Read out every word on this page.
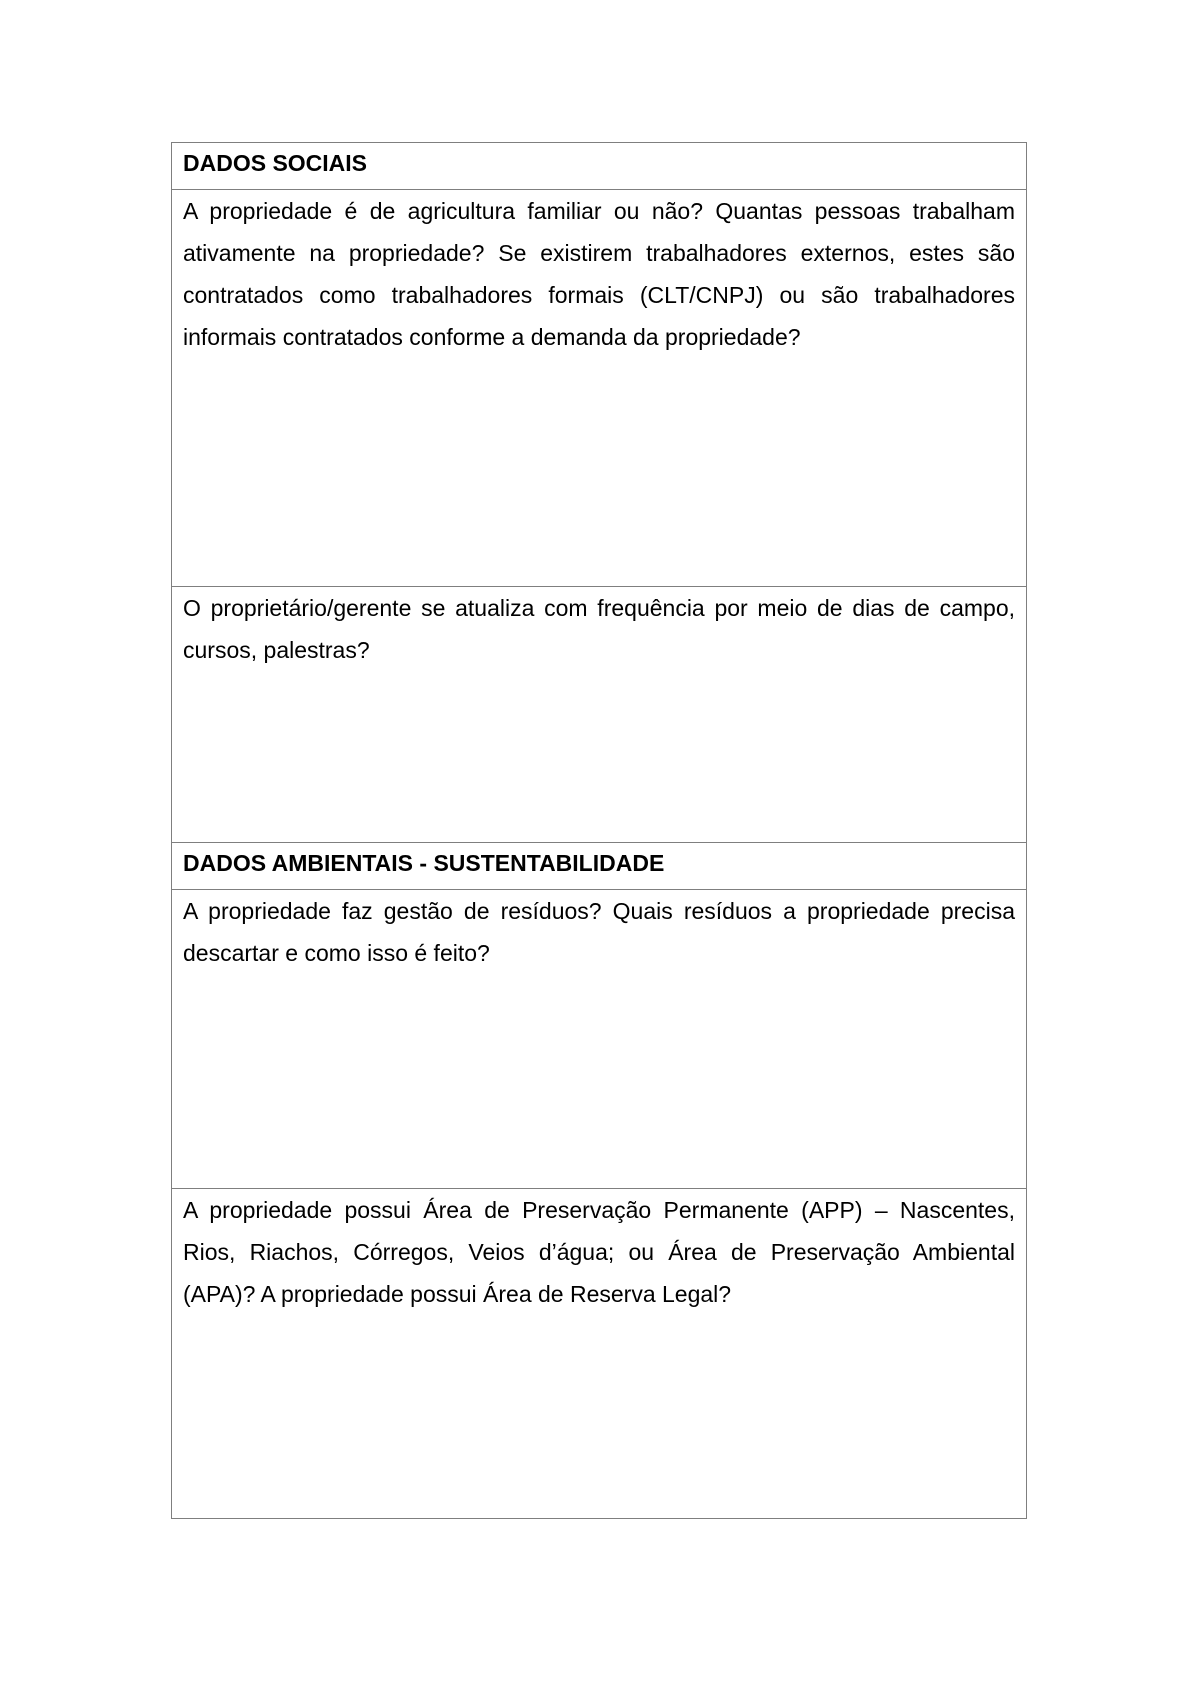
DADOS SOCIAIS

A propriedade é de agricultura familiar ou não? Quantas pessoas trabalham ativamente na propriedade? Se existirem trabalhadores externos, estes são contratados como trabalhadores formais (CLT/CNPJ) ou são trabalhadores informais contratados conforme a demanda da propriedade?

O proprietário/gerente se atualiza com frequência por meio de dias de campo, cursos, palestras?

DADOS AMBIENTAIS - SUSTENTABILIDADE

A propriedade faz gestão de resíduos? Quais resíduos a propriedade precisa descartar e como isso é feito?

A propriedade possui Área de Preservação Permanente (APP) – Nascentes, Rios, Riachos, Córregos, Veios d’água; ou Área de Preservação Ambiental (APA)? A propriedade possui Área de Reserva Legal?
